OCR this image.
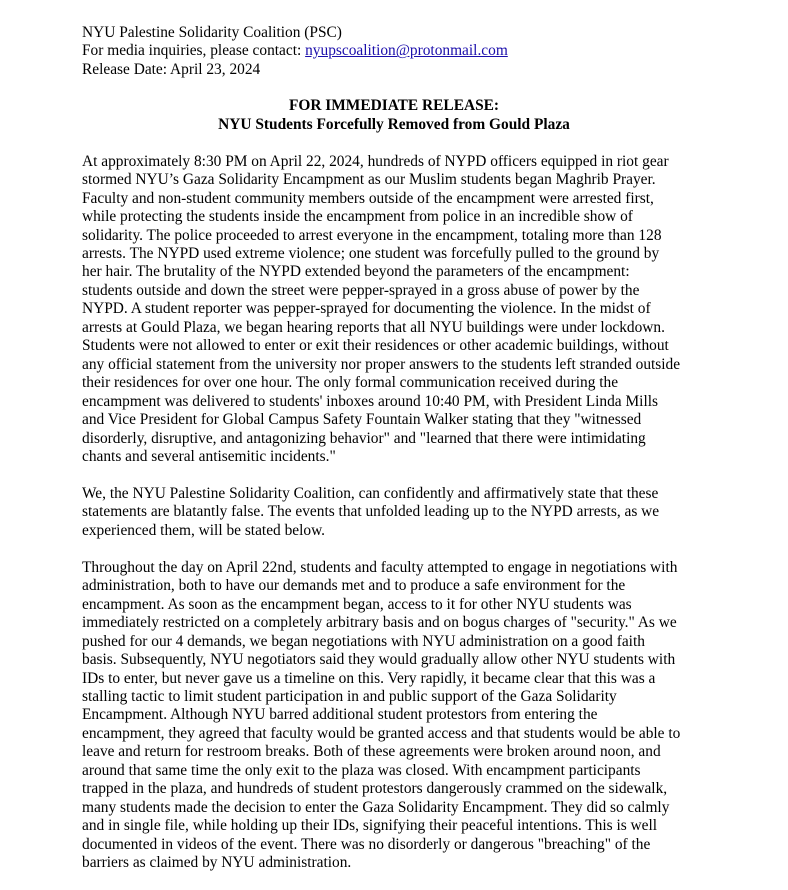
NYU Palestine Solidarity Coalition (PSC)
For media inquiries, please contact: nyupscoalition@protonmail.com
Release Date: April 23, 2024
FOR IMMEDIATE RELEASE:
NYU Students Forcefully Removed from Gould Plaza
At approximately 8:30 PM on April 22, 2024, hundreds of NYPD officers equipped in riot gear
stormed NYU’s Gaza Solidarity Encampment as our Muslim students began Maghrib Prayer.
Faculty and non-student community members outside of the encampment were arrested first,
while protecting the students inside the encampment from police in an incredible show of
solidarity. The police proceeded to arrest everyone in the encampment, totaling more than 128
arrests. The NYPD used extreme violence; one student was forcefully pulled to the ground by
her hair. The brutality of the NYPD extended beyond the parameters of the encampment:
students outside and down the street were pepper-sprayed in a gross abuse of power by the
NYPD. A student reporter was pepper-sprayed for documenting the violence. In the midst of
arrests at Gould Plaza, we began hearing reports that all NYU buildings were under lockdown.
Students were not allowed to enter or exit their residences or other academic buildings, without
any official statement from the university nor proper answers to the students left stranded outside
their residences for over one hour. The only formal communication received during the
encampment was delivered to students' inboxes around 10:40 PM, with President Linda Mills
and Vice President for Global Campus Safety Fountain Walker stating that they "witnessed
disorderly, disruptive, and antagonizing behavior" and "learned that there were intimidating
chants and several antisemitic incidents."
We, the NYU Palestine Solidarity Coalition, can confidently and affirmatively state that these
statements are blatantly false. The events that unfolded leading up to the NYPD arrests, as we
experienced them, will be stated below.
Throughout the day on April 22nd, students and faculty attempted to engage in negotiations with
administration, both to have our demands met and to produce a safe environment for the
encampment. As soon as the encampment began, access to it for other NYU students was
immediately restricted on a completely arbitrary basis and on bogus charges of "security." As we
pushed for our 4 demands, we began negotiations with NYU administration on a good faith
basis. Subsequently, NYU negotiators said they would gradually allow other NYU students with
IDs to enter, but never gave us a timeline on this. Very rapidly, it became clear that this was a
stalling tactic to limit student participation in and public support of the Gaza Solidarity
Encampment. Although NYU barred additional student protestors from entering the
encampment, they agreed that faculty would be granted access and that students would be able to
leave and return for restroom breaks. Both of these agreements were broken around noon, and
around that same time the only exit to the plaza was closed. With encampment participants
trapped in the plaza, and hundreds of student protestors dangerously crammed on the sidewalk,
many students made the decision to enter the Gaza Solidarity Encampment. They did so calmly
and in single file, while holding up their IDs, signifying their peaceful intentions. This is well
documented in videos of the event. There was no disorderly or dangerous "breaching" of the
barriers as claimed by NYU administration.
